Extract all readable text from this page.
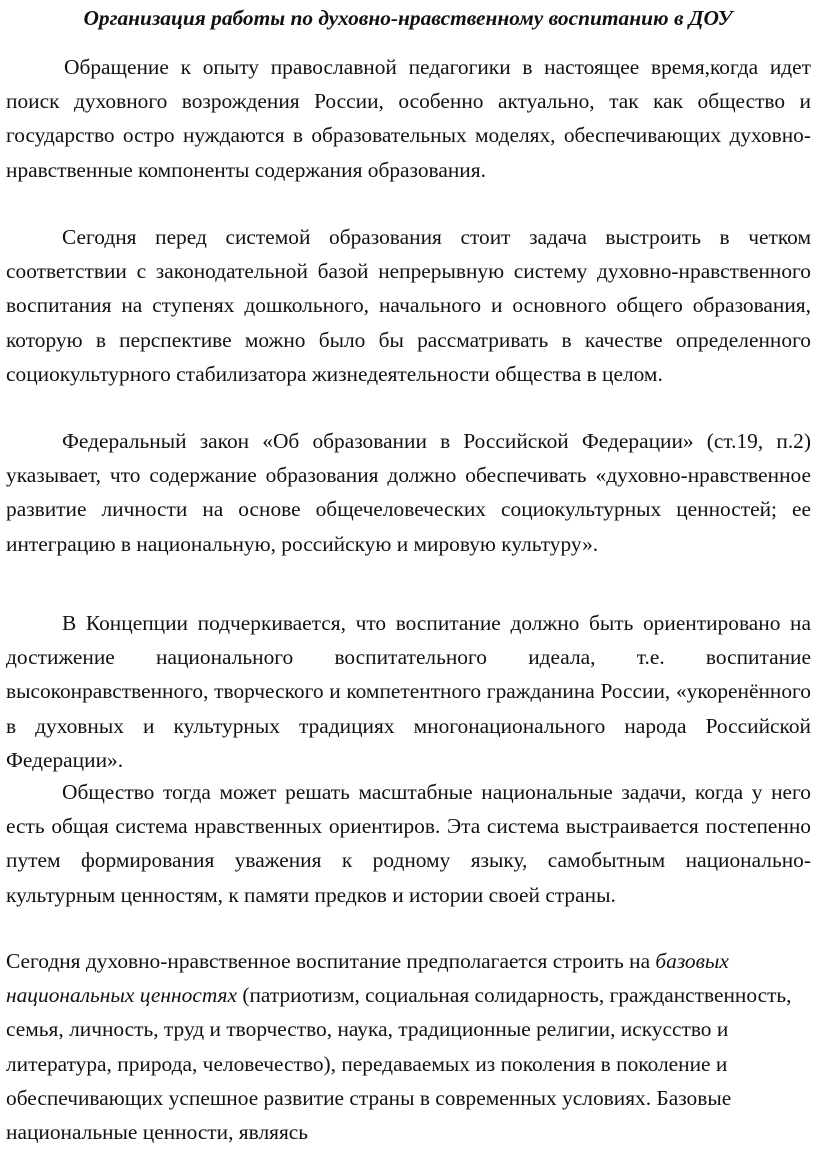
Организация работы по духовно-нравственному воспитанию в ДОУ

Обращение к опыту православной педагогики в настоящее время,когда идет поиск духовного возрождения России, особенно актуально, так как общество и государство остро нуждаются в образовательных моделях, обеспечивающих духовно-нравственные компоненты содержания образования.

Сегодня перед системой образования стоит задача выстроить в четком соответствии с законодательной базой непрерывную систему духовно-нравственного воспитания на ступенях дошкольного, начального и основного общего образования, которую в перспективе можно было бы рассматривать в качестве определенного социокультурного стабилизатора жизнедеятельности общества в целом.

Федеральный закон «Об образовании в Российской Федерации» (ст.19, п.2) указывает, что содержание образования должно обеспечивать «духовно-нравственное развитие личности на основе общечеловеческих социокультурных ценностей; ее интеграцию в национальную, российскую и мировую культуру».

В Концепции подчеркивается, что воспитание должно быть ориентировано на достижение национального воспитательного идеала, т.е. воспитание высоконравственного, творческого и компетентного гражданина России, «укоренённого в духовных и культурных традициях многонационального народа Российской Федерации».

Общество тогда может решать масштабные национальные задачи, когда у него есть общая система нравственных ориентиров. Эта система выстраивается постепенно путем формирования уважения к родному языку, самобытным национально-культурным ценностям, к памяти предков и истории своей страны.

Сегодня духовно-нравственное воспитание предполагается строить на базовых национальных ценностях (патриотизм, социальная солидарность, гражданственность, семья, личность, труд и творчество, наука, традиционные религии, искусство и литература, природа, человечество), передаваемых из поколения в поколение и обеспечивающих успешное развитие страны в современных условиях. Базовые национальные ценности, являясь
